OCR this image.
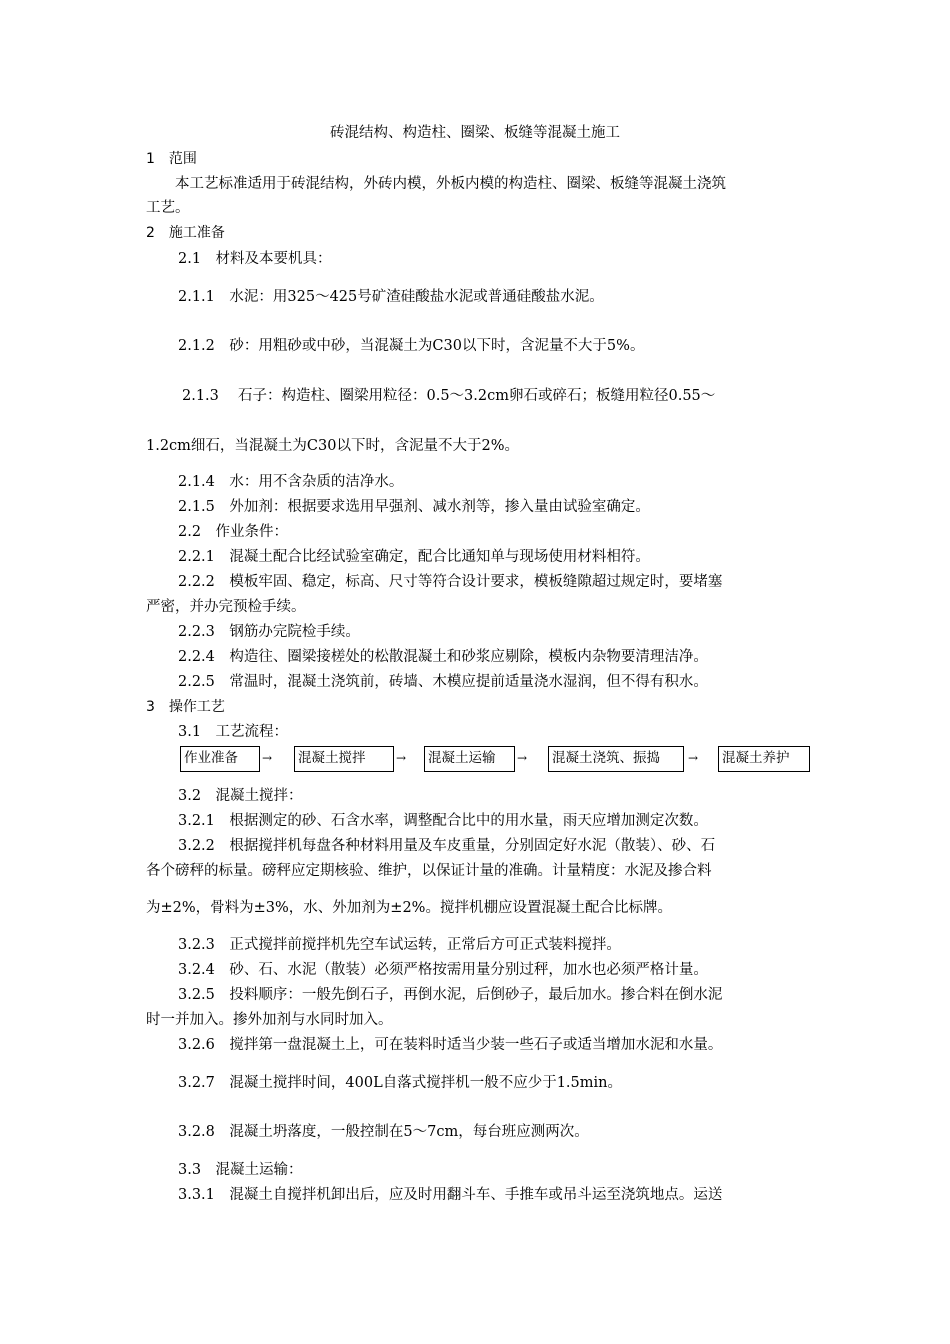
砖混结构、构造柱、圈梁、板缝等混凝土施工
1　范围
　　本工艺标准适用于砖混结构，外砖内模，外板内模的构造柱、圈梁、板缝等混凝土浇筑
工艺。
2　施工准备
2.1　材料及本要机具：
2.1.1　水泥：用325～425号矿渣硅酸盐水泥或普通硅酸盐水泥。
2.1.2　砂：用粗砂或中砂，当混凝土为C30以下时，含泥量不大于5%。
2.1.3　 石子：构造柱、圈梁用粒径：0.5～3.2cm卵石或碎石；板缝用粒径0.55～
1.2cm细石，当混凝土为C30以下时，含泥量不大于2%。
2.1.4　水：用不含杂质的洁净水。
2.1.5　外加剂：根据要求选用早强剂、减水剂等，掺入量由试验室确定。
2.2　作业条件：
2.2.1　混凝土配合比经试验室确定，配合比通知单与现场使用材料相符。
2.2.2　模板牢固、稳定，标高、尺寸等符合设计要求，模板缝隙超过规定时，要堵塞
严密，并办完预检手续。
2.2.3　钢筋办完院检手续。
2.2.4　构造往、圈梁接槎处的松散混凝土和砂浆应剔除，模板内杂物要清理洁净。
2.2.5　常温时，混凝土浇筑前，砖墙、木模应提前适量浇水湿润，但不得有积水。
3　操作工艺
3.1　工艺流程：
作业准备	→ 混凝土搅拌	→ 混凝土运输	→ 混凝土浇筑、振捣	→ 混凝土养护
3.2　混凝土搅拌：
3.2.1　根据测定的砂、石含水率，调整配合比中的用水量，雨天应增加测定次数。
3.2.2　根据搅拌机每盘各种材料用量及车皮重量，分别固定好水泥（散装）、砂、石
各个磅秤的标量。磅秤应定期核验、维护，以保证计量的准确。计量精度：水泥及掺合料
为±2%，骨料为±3%，水、外加剂为±2%。搅拌机棚应设置混凝土配合比标牌。
3.2.3　正式搅拌前搅拌机先空车试运转，正常后方可正式装料搅拌。
3.2.4　砂、石、水泥（散装）必须严格按需用量分别过秤，加水也必须严格计量。
3.2.5　投料顺序：一般先倒石子，再倒水泥，后倒砂子，最后加水。掺合料在倒水泥
时一并加入。掺外加剂与水同时加入。
3.2.6　搅拌第一盘混凝土上，可在装料时适当少装一些石子或适当增加水泥和水量。
3.2.7　混凝土搅拌时间，400L自落式搅拌机一般不应少于1.5min。
3.2.8　混凝土坍落度，一般控制在5～7cm，每台班应测两次。
3.3　混凝土运输：
3.3.1　混凝土自搅拌机卸出后，应及时用翻斗车、手推车或吊斗运至浇筑地点。运送
